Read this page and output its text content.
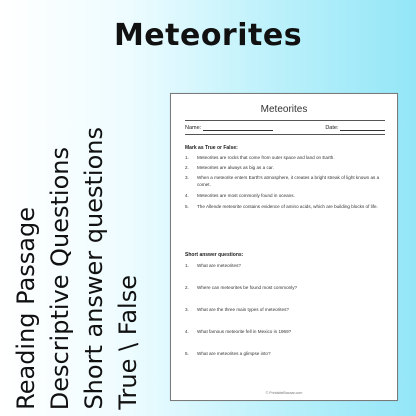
Meteorites
Reading Passage Descriptive Questions Short answer questions True \ False
Meteorites
Name:	Date:
Mark as True or False:
1.	Meteorites are rocks that come from outer space and land on Earth.
2.	Meteorites are always as big as a car.
3.	When a meteorite enters Earth's atmosphere, it creates a bright streak of light known as a comet.
4.	Meteorites are most commonly found in oceans.
5.	The Allende meteorite contains evidence of amino acids, which are building blocks of life.
Short answer questions:
1.	What are meteorites?
2.	Where can meteorites be found most commonly?
3.	What are the three main types of meteorites?
4.	What famous meteorite fell in Mexico in 1969?
5.	What are meteorites a glimpse into?
© PrintableBazaar.com
